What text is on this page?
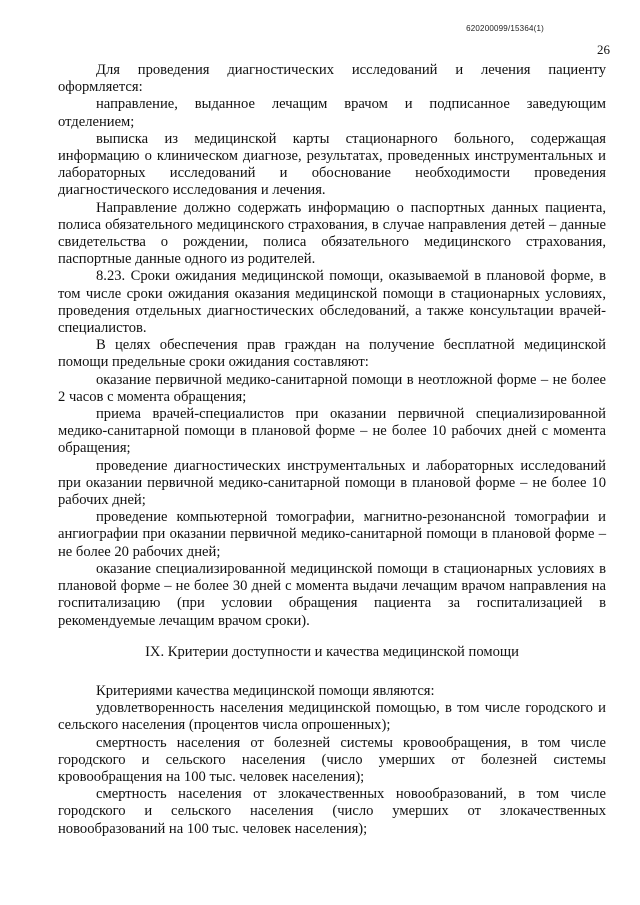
620200099/15364(1)
26

Для проведения диагностических исследований и лечения пациенту оформляется:

направление, выданное лечащим врачом и подписанное заведующим отделением;

выписка из медицинской карты стационарного больного, содержащая информацию о клиническом диагнозе, результатах, проведенных инструментальных и лабораторных исследований и обоснование необходимости проведения диагностического исследования и лечения.

Направление должно содержать информацию о паспортных данных пациента, полиса обязательного медицинского страхования, в случае направления детей – данные свидетельства о рождении, полиса обязательного медицинского страхования, паспортные данные одного из родителей.

8.23. Сроки ожидания медицинской помощи, оказываемой в плановой форме, в том числе сроки ожидания оказания медицинской помощи в стационарных условиях, проведения отдельных диагностических обследований, а также консультации врачей-специалистов.

В целях обеспечения прав граждан на получение бесплатной медицинской помощи предельные сроки ожидания составляют:

оказание первичной медико-санитарной помощи в неотложной форме – не более 2 часов с момента обращения;

приема врачей-специалистов при оказании первичной специализированной медико-санитарной помощи в плановой форме – не более 10 рабочих дней с момента обращения;

проведение диагностических инструментальных и лабораторных исследований при оказании первичной медико-санитарной помощи в плановой форме – не более 10 рабочих дней;

проведение компьютерной томографии, магнитно-резонансной томографии и ангиографии при оказании первичной медико-санитарной помощи в плановой форме – не более 20 рабочих дней;

оказание специализированной медицинской помощи в стационарных условиях в плановой форме – не более 30 дней с момента выдачи лечащим врачом направления на госпитализацию (при условии обращения пациента за госпитализацией в рекомендуемые лечащим врачом сроки).

IX. Критерии доступности и качества медицинской помощи

Критериями качества медицинской помощи являются:

удовлетворенность населения медицинской помощью, в том числе городского и сельского населения (процентов числа опрошенных);

смертность населения от болезней системы кровообращения, в том числе городского и сельского населения (число умерших от болезней системы кровообращения на 100 тыс. человек населения);

смертность населения от злокачественных новообразований, в том числе городского и сельского населения (число умерших от злокачественных новообразований на 100 тыс. человек населения);
